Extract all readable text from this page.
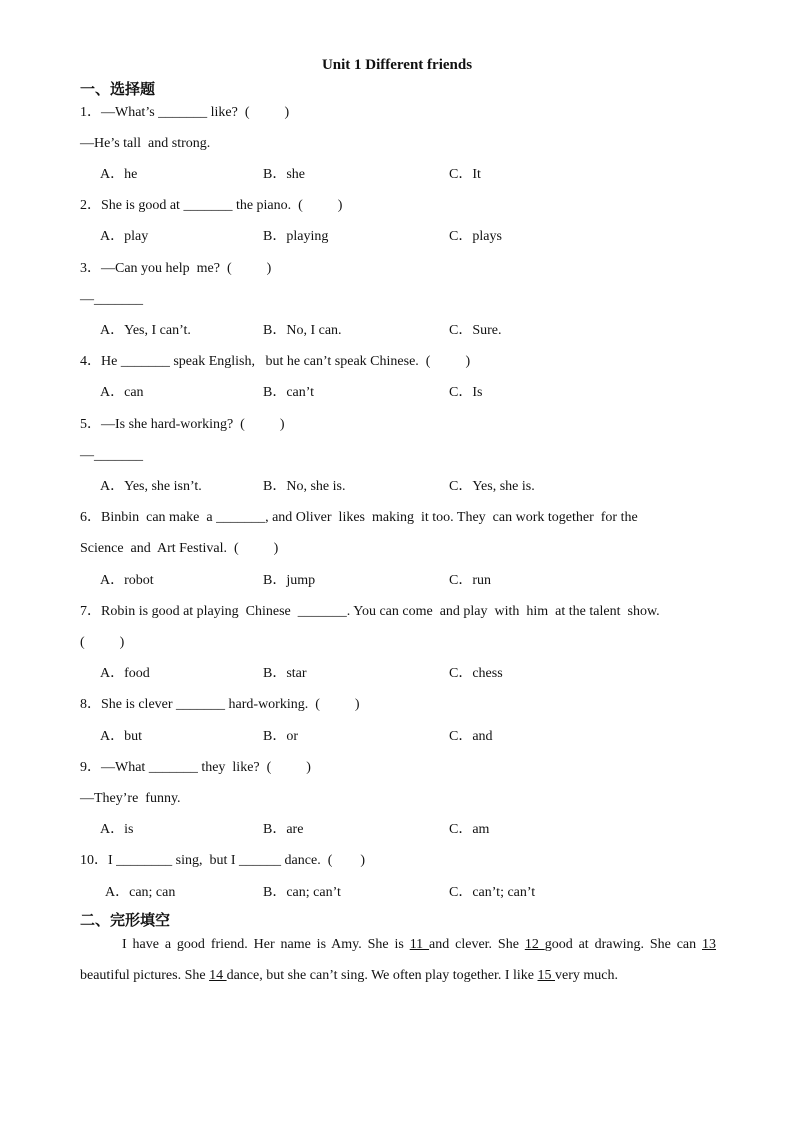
Unit 1 Different friends
一、选择题
1．—What’s _______ like?  (          )
—He’s tall  and strong.
A．he	B．she	C．It
2．She is good at _______ the piano.  (          )
A．play	B．playing	C．plays
3．—Can you help  me?  (          )
—_______
A．Yes, I can’t.	B．No, I can.	C．Sure.
4．He _______ speak English,   but he can’t speak Chinese.  (          )
A．can	B．can’t	C．Is
5．—Is she hard-working?  (          )
—_______
A．Yes, she isn’t.	B．No, she is.	C．Yes, she is.
6．Binbin  can make  a _______, and Oliver  likes  making  it too. They  can work together  for the
Science  and  Art Festival.  (          )
A．robot	B．jump	C．run
7．Robin is good at playing  Chinese  _______. You can come  and play  with  him  at the talent  show.
(          )
A．food	B．star	C．chess
8．She is clever _______ hard-working.  (          )
A．but	B．or	C．and
9．—What _______ they  like?  (          )
—They’re  funny.
A．is	B．are	C．am
10．I ________ sing,  but I ______ dance.  (        )
A．can; can	B．can; can’t	C．can’t; can’t
二、完形填空
I have a good friend. Her name is Amy. She is 11 and clever. She 12 good at drawing. She can 13 beautiful pictures. She 14 dance, but she can’t sing. We often play together. I like 15 very much.
